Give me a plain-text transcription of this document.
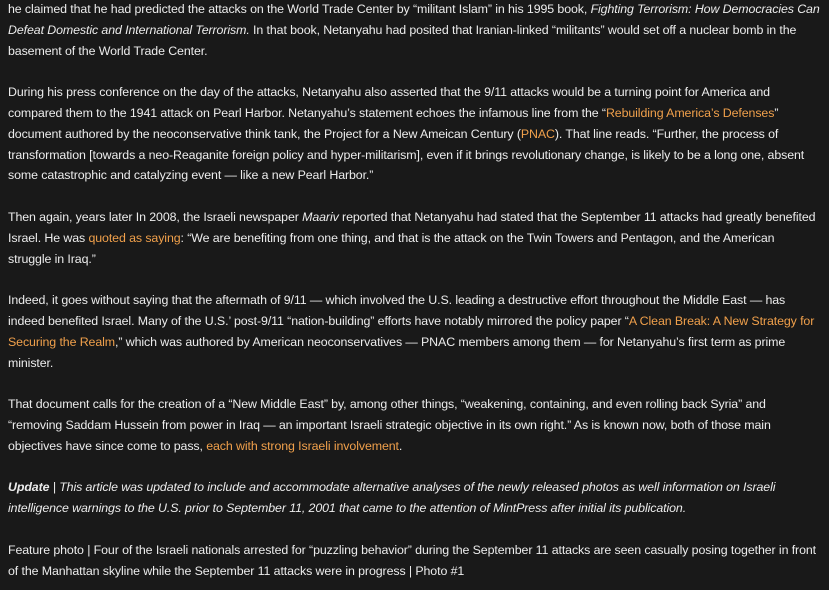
he claimed that he had predicted the attacks on the World Trade Center by “militant Islam” in his 1995 book, Fighting Terrorism: How Democracies Can Defeat Domestic and International Terrorism. In that book, Netanyahu had posited that Iranian-linked “militants” would set off a nuclear bomb in the basement of the World Trade Center.

During his press conference on the day of the attacks, Netanyahu also asserted that the 9/11 attacks would be a turning point for America and compared them to the 1941 attack on Pearl Harbor. Netanyahu’s statement echoes the infamous line from the “Rebuilding America’s Defenses” document authored by the neoconservative think tank, the Project for a New Ameican Century (PNAC). That line reads. “Further, the process of transformation [towards a neo-Reaganite foreign policy and hyper-militarism], even if it brings revolutionary change, is likely to be a long one, absent some catastrophic and catalyzing event — like a new Pearl Harbor.”

Then again, years later In 2008, the Israeli newspaper Maariv reported that Netanyahu had stated that the September 11 attacks had greatly benefited Israel. He was quoted as saying: “We are benefiting from one thing, and that is the attack on the Twin Towers and Pentagon, and the American struggle in Iraq.”

Indeed, it goes without saying that the aftermath of 9/11 — which involved the U.S. leading a destructive effort throughout the Middle East — has indeed benefited Israel. Many of the U.S.’ post-9/11 “nation-building” efforts have notably mirrored the policy paper “A Clean Break: A New Strategy for Securing the Realm,” which was authored by American neoconservatives — PNAC members among them — for Netanyahu’s first term as prime minister.

That document calls for the creation of a “New Middle East” by, among other things, “weakening, containing, and even rolling back Syria” and “removing Saddam Hussein from power in Iraq — an important Israeli strategic objective in its own right.” As is known now, both of those main objectives have since come to pass, each with strong Israeli involvement.

Update | This article was updated to include and accommodate alternative analyses of the newly released photos as well information on Israeli intelligence warnings to the U.S. prior to September 11, 2001 that came to the attention of MintPress after initial its publication.

Feature photo | Four of the Israeli nationals arrested for “puzzling behavior” during the September 11 attacks are seen casually posing together in front of the Manhattan skyline while the September 11 attacks were in progress | Photo #1
